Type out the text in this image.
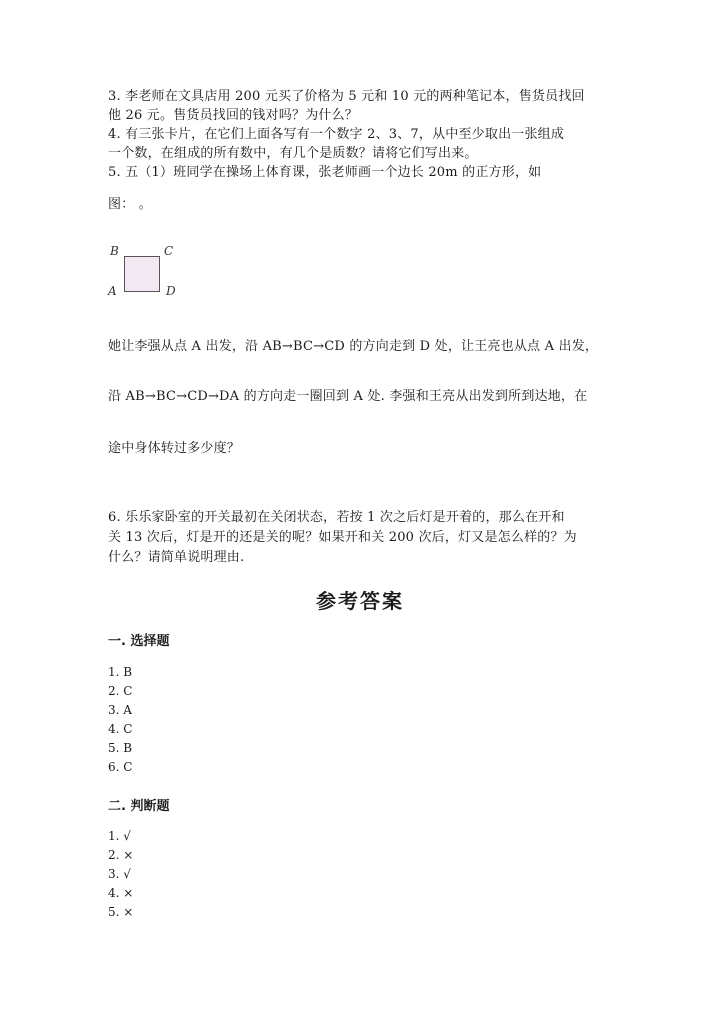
3. 李老师在文具店用 200 元买了价格为 5 元和 10 元的两种笔记本，售货员找回
他 26 元。售货员找回的钱对吗？为什么？
4. 有三张卡片，在它们上面各写有一个数字 2、3、7，从中至少取出一张组成
一个数，在组成的所有数中，有几个是质数？请将它们写出来。
5. 五（1）班同学在操场上体育课，张老师画一个边长 20m 的正方形，如
图： 。
B	C
A	D
她让李强从点 A 出发，沿 AB→BC→CD 的方向走到 D 处，让王亮也从点 A 出发，
沿 AB→BC→CD→DA 的方向走一圈回到 A 处. 李强和王亮从出发到所到达地，在
途中身体转过多少度？
6. 乐乐家卧室的开关最初在关闭状态，若按 1 次之后灯是开着的，那么在开和
关 13 次后，灯是开的还是关的呢？如果开和关 200 次后，灯又是怎么样的？为
什么？请简单说明理由.
参考答案
一. 选择题
1. B
2. C
3. A
4. C
5. B
6. C
二. 判断题
1. √
2. ×
3. √
4. ×
5. ×
